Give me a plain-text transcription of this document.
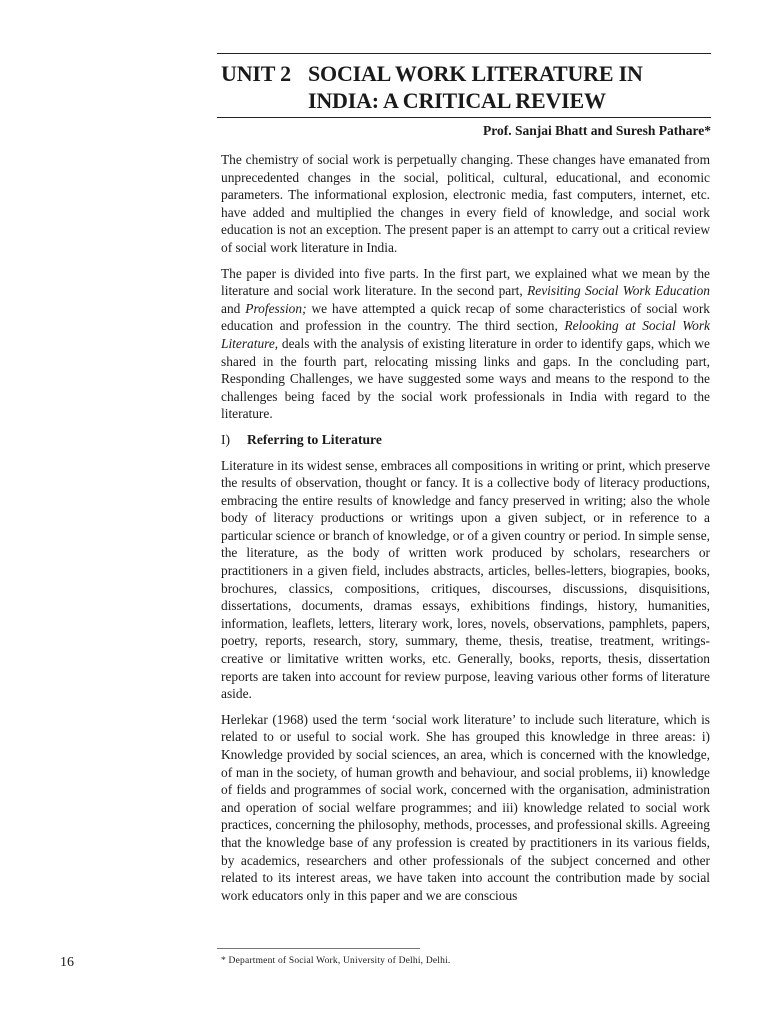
UNIT 2 SOCIAL WORK LITERATURE IN
INDIA: A CRITICAL REVIEW
Prof. Sanjai Bhatt and Suresh Pathare*

The chemistry of social work is perpetually changing. These changes have emanated from unprecedented changes in the social, political, cultural, educational, and economic parameters. The informational explosion, electronic media, fast computers, internet, etc. have added and multiplied the changes in every field of knowledge, and social work education is not an exception. The present paper is an attempt to carry out a critical review of social work literature in India.

The paper is divided into five parts. In the first part, we explained what we mean by the literature and social work literature. In the second part, Revisiting Social Work Education and Profession; we have attempted a quick recap of some characteristics of social work education and profession in the country. The third section, Relooking at Social Work Literature, deals with the analysis of existing literature in order to identify gaps, which we shared in the fourth part, relocating missing links and gaps. In the concluding part, Responding Challenges, we have suggested some ways and means to the respond to the challenges being faced by the social work professionals in India with regard to the literature.

I)	Referring to Literature

Literature in its widest sense, embraces all compositions in writing or print, which preserve the results of observation, thought or fancy. It is a collective body of literacy productions, embracing the entire results of knowledge and fancy preserved in writing; also the whole body of literacy productions or writings upon a given subject, or in reference to a particular science or branch of knowledge, or of a given country or period. In simple sense, the literature, as the body of written work produced by scholars, researchers or practitioners in a given field, includes abstracts, articles, belles-letters, biograpies, books, brochures, classics, compositions, critiques, discourses, discussions, disquisitions, dissertations, documents, dramas essays, exhibitions findings, history, humanities, information, leaflets, letters, literary work, lores, novels, observations, pamphlets, papers, poetry, reports, research, story, summary, theme, thesis, treatise, treatment, writings-creative or limitative written works, etc. Generally, books, reports, thesis, dissertation reports are taken into account for review purpose, leaving various other forms of literature aside.

Herlekar (1968) used the term ‘social work literature’ to include such literature, which is related to or useful to social work. She has grouped this knowledge in three areas: i) Knowledge provided by social sciences, an area, which is concerned with the knowledge, of man in the society, of human growth and behaviour, and social problems, ii) knowledge of fields and programmes of social work, concerned with the organisation, administration and operation of social welfare programmes; and iii) knowledge related to social work practices, concerning the philosophy, methods, processes, and professional skills. Agreeing that the knowledge base of any profession is created by practitioners in its various fields, by academics, researchers and other professionals of the subject concerned and other related to its interest areas, we have taken into account the contribution made by social work educators only in this paper and we are conscious

16	* Department of Social Work, University of Delhi, Delhi.
